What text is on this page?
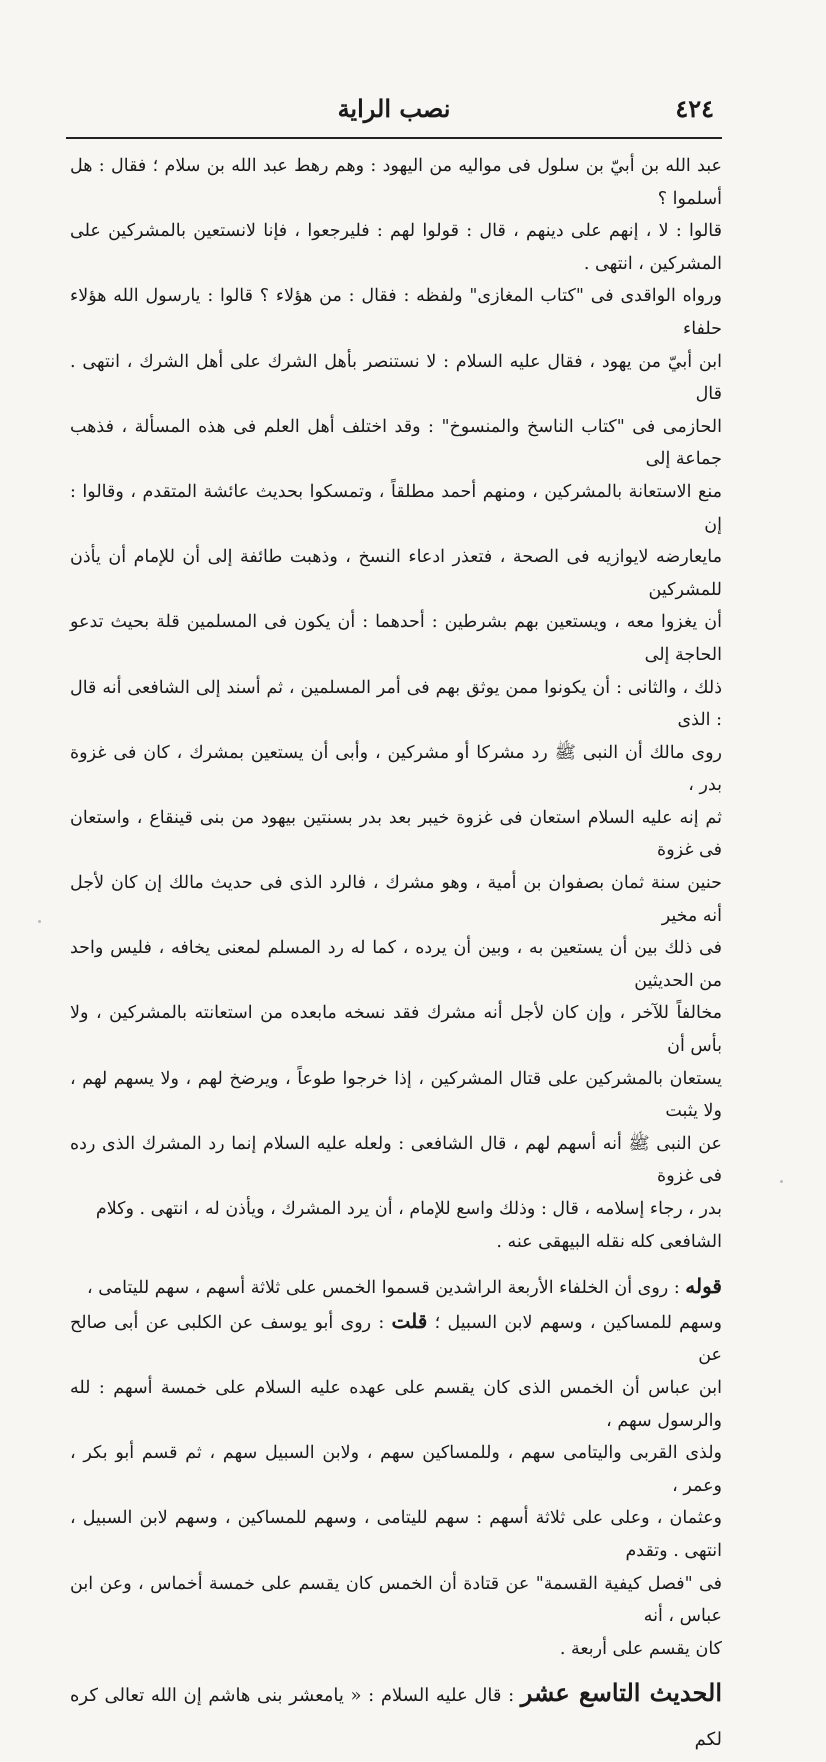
٤٢٤
نصب الراية

عبد الله بن أبيّ بن سلول فى مواليه من اليهود : وهم رهط عبد الله بن سلام ؛ فقال : هل أسلموا ؟

قالوا : لا ، إنهم على دينهم ، قال : قولوا لهم : فليرجعوا ، فإنا لانستعين بالمشركين على المشركين ، انتهى .

ورواه الواقدى فى "كتاب المغازى" ولفظه : فقال : من هؤلاء ؟ قالوا : يارسول الله هؤلاء حلفاء

ابن أبيّ من يهود ، فقال عليه السلام : لا نستنصر بأهل الشرك على أهل الشرك ، انتهى . قال

الحازمى فى "كتاب الناسخ والمنسوخ" : وقد اختلف أهل العلم فى هذه المسألة ، فذهب جماعة إلى

منع الاستعانة بالمشركين ، ومنهم أحمد مطلقاً ، وتمسكوا بحديث عائشة المتقدم ، وقالوا : إن

مايعارضه لايوازيه فى الصحة ، فتعذر ادعاء النسخ ، وذهبت طائفة إلى أن للإمام أن يأذن للمشركين

أن يغزوا معه ، ويستعين بهم بشرطين : أحدهما : أن يكون فى المسلمين قلة بحيث تدعو الحاجة إلى

ذلك ، والثانى : أن يكونوا ممن يوثق بهم فى أمر المسلمين ، ثم أسند إلى الشافعى أنه قال : الذى

روى مالك أن النبى ﷺ رد مشركا أو مشركين ، وأبى أن يستعين بمشرك ، كان فى غزوة بدر ،

ثم إنه عليه السلام استعان فى غزوة خيبر بعد بدر بسنتين بيهود من بنى قينقاع ، واستعان فى غزوة

حنين سنة ثمان بصفوان بن أمية ، وهو مشرك ، فالرد الذى فى حديث مالك إن كان لأجل أنه مخير

فى ذلك بين أن يستعين به ، وبين أن يرده ، كما له رد المسلم لمعنى يخافه ، فليس واحد من الحديثين

مخالفاً للآخر ، وإن كان لأجل أنه مشرك فقد نسخه مابعده من استعانته بالمشركين ، ولا بأس أن

يستعان بالمشركين على قتال المشركين ، إذا خرجوا طوعاً ، ويرضخ لهم ، ولا يسهم لهم ، ولا يثبت

عن النبى ﷺ أنه أسهم لهم ، قال الشافعى : ولعله عليه السلام إنما رد المشرك الذى رده فى غزوة

بدر ، رجاء إسلامه ، قال : وذلك واسع للإمام ، أن يرد المشرك ، ويأذن له ، انتهى . وكلام

الشافعى كله نقله البيهقى عنه .

قوله : روى أن الخلفاء الأربعة الراشدين قسموا الخمس على ثلاثة أسهم ، سهم لليتامى ،

وسهم للمساكين ، وسهم لابن السبيل ؛ قلت : روى أبو يوسف عن الكلبى عن أبى صالح عن

ابن عباس أن الخمس الذى كان يقسم على عهده عليه السلام على خمسة أسهم : لله والرسول سهم ،

ولذى القربى واليتامى سهم ، وللمساكين سهم ، ولابن السبيل سهم ، ثم قسم أبو بكر ، وعمر ،

وعثمان ، وعلى على ثلاثة أسهم : سهم لليتامى ، وسهم للمساكين ، وسهم لابن السبيل ، انتهى . وتقدم

فى "فصل كيفية القسمة" عن قتادة أن الخمس كان يقسم على خمسة أخماس ، وعن ابن عباس ، أنه

كان يقسم على أربعة .

الحديث التاسع عشر : قال عليه السلام : « يامعشر بنى هاشم إن الله تعالى كره لكم
